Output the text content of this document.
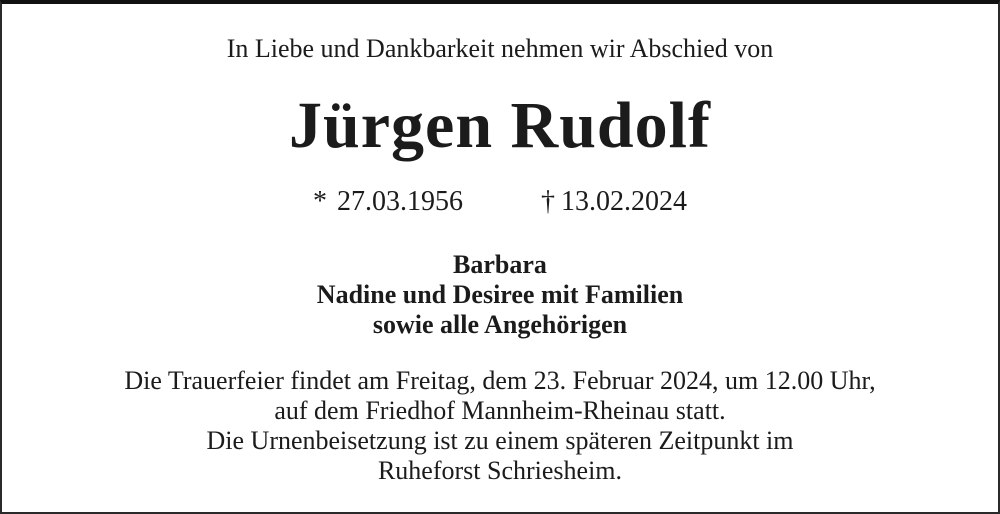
In Liebe und Dankbarkeit nehmen wir Abschied von

Jürgen Rudolf
* 27.03.1956	† 13.02.2024

Barbara

Nadine und Desiree mit Familien

sowie alle Angehörigen

Die Trauerfeier findet am Freitag, dem 23. Februar 2024, um 12.00 Uhr,

auf dem Friedhof Mannheim-Rheinau statt.

Die Urnenbeisetzung ist zu einem späteren Zeitpunkt im

Ruheforst Schriesheim.
